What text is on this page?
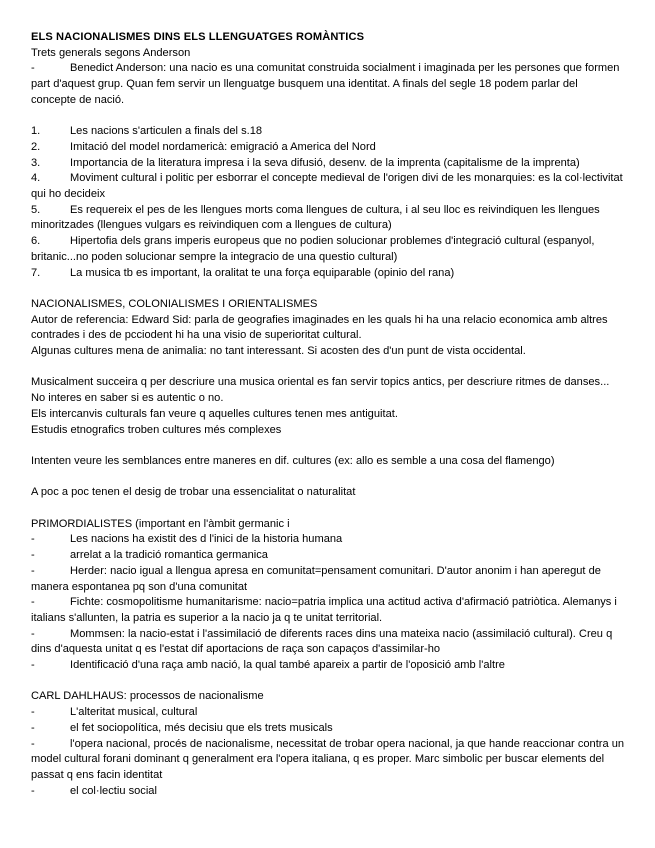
ELS NACIONALISMES DINS ELS LLENGUATGES ROMÀNTICS
Trets generals segons Anderson
-	Benedict Anderson: una nacio es una comunitat construida socialment i imaginada per les persones que formen part d'aquest grup. Quan fem servir un llenguatge busquem una identitat. A finals del segle 18 podem parlar del concepte de nació.
1.	Les nacions s'articulen a finals del s.18
2.	Imitació del model nordamericà: emigració a America del Nord
3.	Importancia de la literatura impresa i la seva difusió, desenv. de la imprenta (capitalisme de la imprenta)
4.	Moviment cultural i politic per esborrar el concepte medieval de l'origen divi de les monarquies: es la col·lectivitat qui ho decideix
5.	Es requereix el pes de les llengues morts coma llengues de cultura, i al seu lloc es reivindiquen les llengues minoritzades (llengues vulgars es reivindiquen com a llengues de cultura)
6.	Hipertofia dels grans imperis europeus que no podien solucionar problemes d'integració cultural (espanyol, britanic...no poden solucionar sempre la integracio de una questio cultural)
7.	La musica tb es important, la oralitat te una força equiparable (opinio del rana)
NACIONALISMES, COLONIALISMES I ORIENTALISMES
Autor de referencia: Edward Sid: parla de geografies imaginades en les quals hi ha una relacio economica amb altres contrades i des de pcciodent hi ha una visio de superioritat cultural.
Algunas cultures mena de animalia: no tant interessant. Si acosten des d'un punt de vista occidental.
Musicalment succeira q per descriure una musica oriental es fan servir topics antics, per descriure ritmes de danses...
No interes en saber si es autentic o no.
Els intercanvis culturals fan veure q aquelles cultures tenen mes antiguitat.
Estudis etnografics troben cultures més complexes
Intenten veure les semblances entre maneres en dif. cultures (ex: allo es semble a una cosa del flamengo)
A poc a poc tenen el desig de trobar una essencialitat o naturalitat
PRIMORDIALISTES (important en l'àmbit germanic i
-	Les nacions ha existit des d l'inici de la historia humana
-	arrelat a la tradició romantica germanica
-	Herder: nacio igual a llengua apresa en comunitat=pensament comunitari. D'autor anonim i han aperegut de manera espontanea pq son d'una comunitat
-	Fichte: cosmopolitisme humanitarisme: nacio=patria implica una actitud activa d'afirmació patriòtica. Alemanys i italians s'allunten, la patria es superior a la nacio ja q te unitat territorial.
-	Mommsen: la nacio-estat i l'assimilació de diferents races dins una mateixa nacio (assimilació cultural). Creu q dins d'aquesta unitat q es l'estat dif aportacions de raça son capaços d'assimilar-ho
-	Identificació d'una raça amb nació, la qual també apareix a partir de l'oposició amb l'altre
CARL DAHLHAUS: processos de nacionalisme
-	L'alteritat musical, cultural
-	el fet sociopolítica, més decisiu que els trets musicals
-	l'opera nacional, procés de nacionalisme, necessitat de trobar opera nacional, ja que hande reaccionar contra un model cultural forani dominant q generalment era l'opera italiana, q es proper. Marc simbolic per buscar elements del passat q ens facin identitat
-	el col·lectiu social
